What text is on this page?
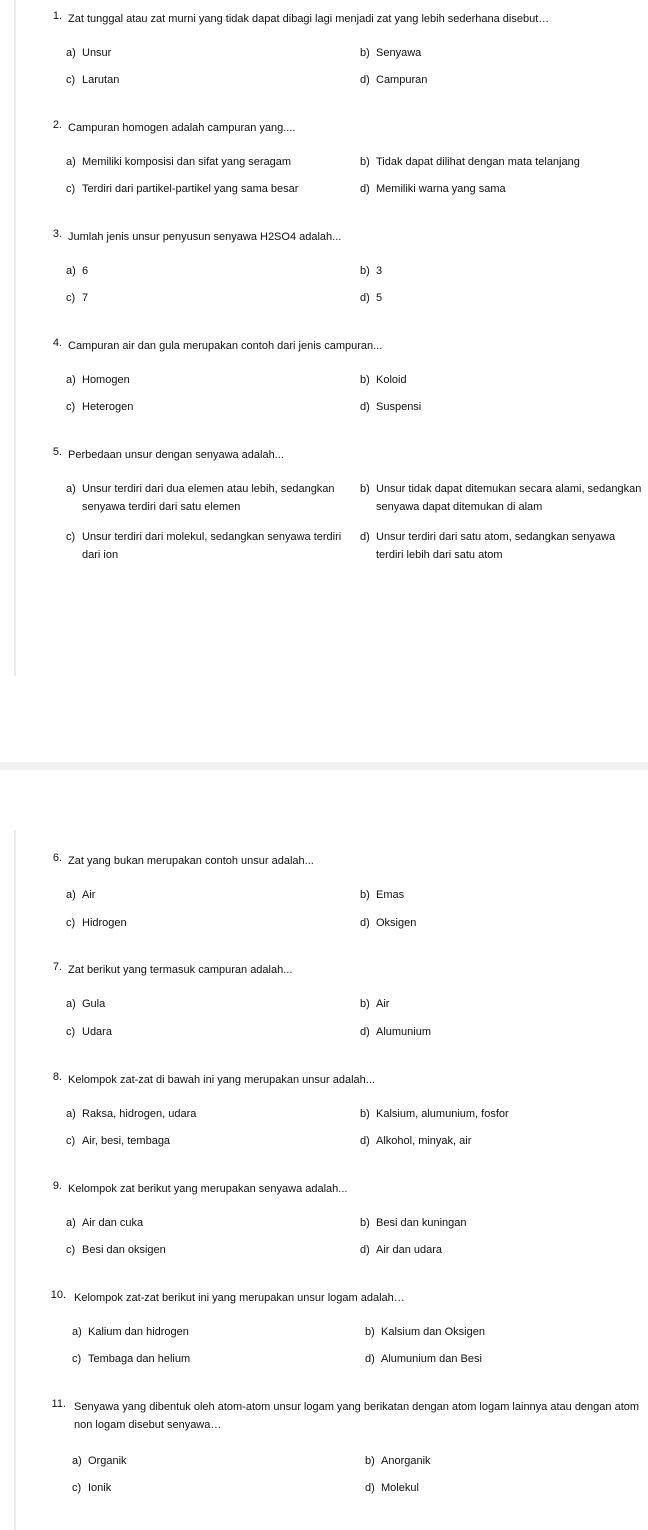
1. Zat tunggal atau zat murni yang tidak dapat dibagi lagi menjadi zat yang lebih sederhana disebut…
a) Unsur	b) Senyawa
c) Larutan	d) Campuran
2. Campuran homogen adalah campuran yang....
a) Memiliki komposisi dan sifat yang seragam	b) Tidak dapat dilihat dengan mata telanjang
c) Terdiri dari partikel-partikel yang sama besar	d) Memiliki warna yang sama
3. Jumlah jenis unsur penyusun senyawa H2SO4 adalah...
a) 6	b) 3
c) 7	d) 5
4. Campuran air dan gula merupakan contoh dari jenis campuran...
a) Homogen	b) Koloid
c) Heterogen	d) Suspensi
5. Perbedaan unsur dengan senyawa adalah...
a) Unsur terdiri dari dua elemen atau lebih, sedangkan senyawa terdiri dari satu elemen
b) Unsur tidak dapat ditemukan secara alami, sedangkan senyawa dapat ditemukan di alam
c) Unsur terdiri dari molekul, sedangkan senyawa terdiri dari ion
d) Unsur terdiri dari satu atom, sedangkan senyawa terdiri lebih dari satu atom
6. Zat yang bukan merupakan contoh unsur adalah...
a) Air	b) Emas
c) Hidrogen	d) Oksigen
7. Zat berikut yang termasuk campuran adalah...
a) Gula	b) Air
c) Udara	d) Alumunium
8. Kelompok zat-zat di bawah ini yang merupakan unsur adalah...
a) Raksa, hidrogen, udara	b) Kalsium, alumunium, fosfor
c) Air, besi, tembaga	d) Alkohol, minyak, air
9. Kelompok zat berikut yang merupakan senyawa adalah...
a) Air dan cuka	b) Besi dan kuningan
c) Besi dan oksigen	d) Air dan udara
10. Kelompok zat-zat berikut ini yang merupakan unsur logam adalah…
a) Kalium dan hidrogen	b) Kalsium dan Oksigen
c) Tembaga dan helium	d) Alumunium dan Besi
11. Senyawa yang dibentuk oleh atom-atom unsur logam yang berikatan dengan atom logam lainnya atau dengan atom non logam disebut senyawa…
a) Organik	b) Anorganik
c) Ionik	d) Molekul
